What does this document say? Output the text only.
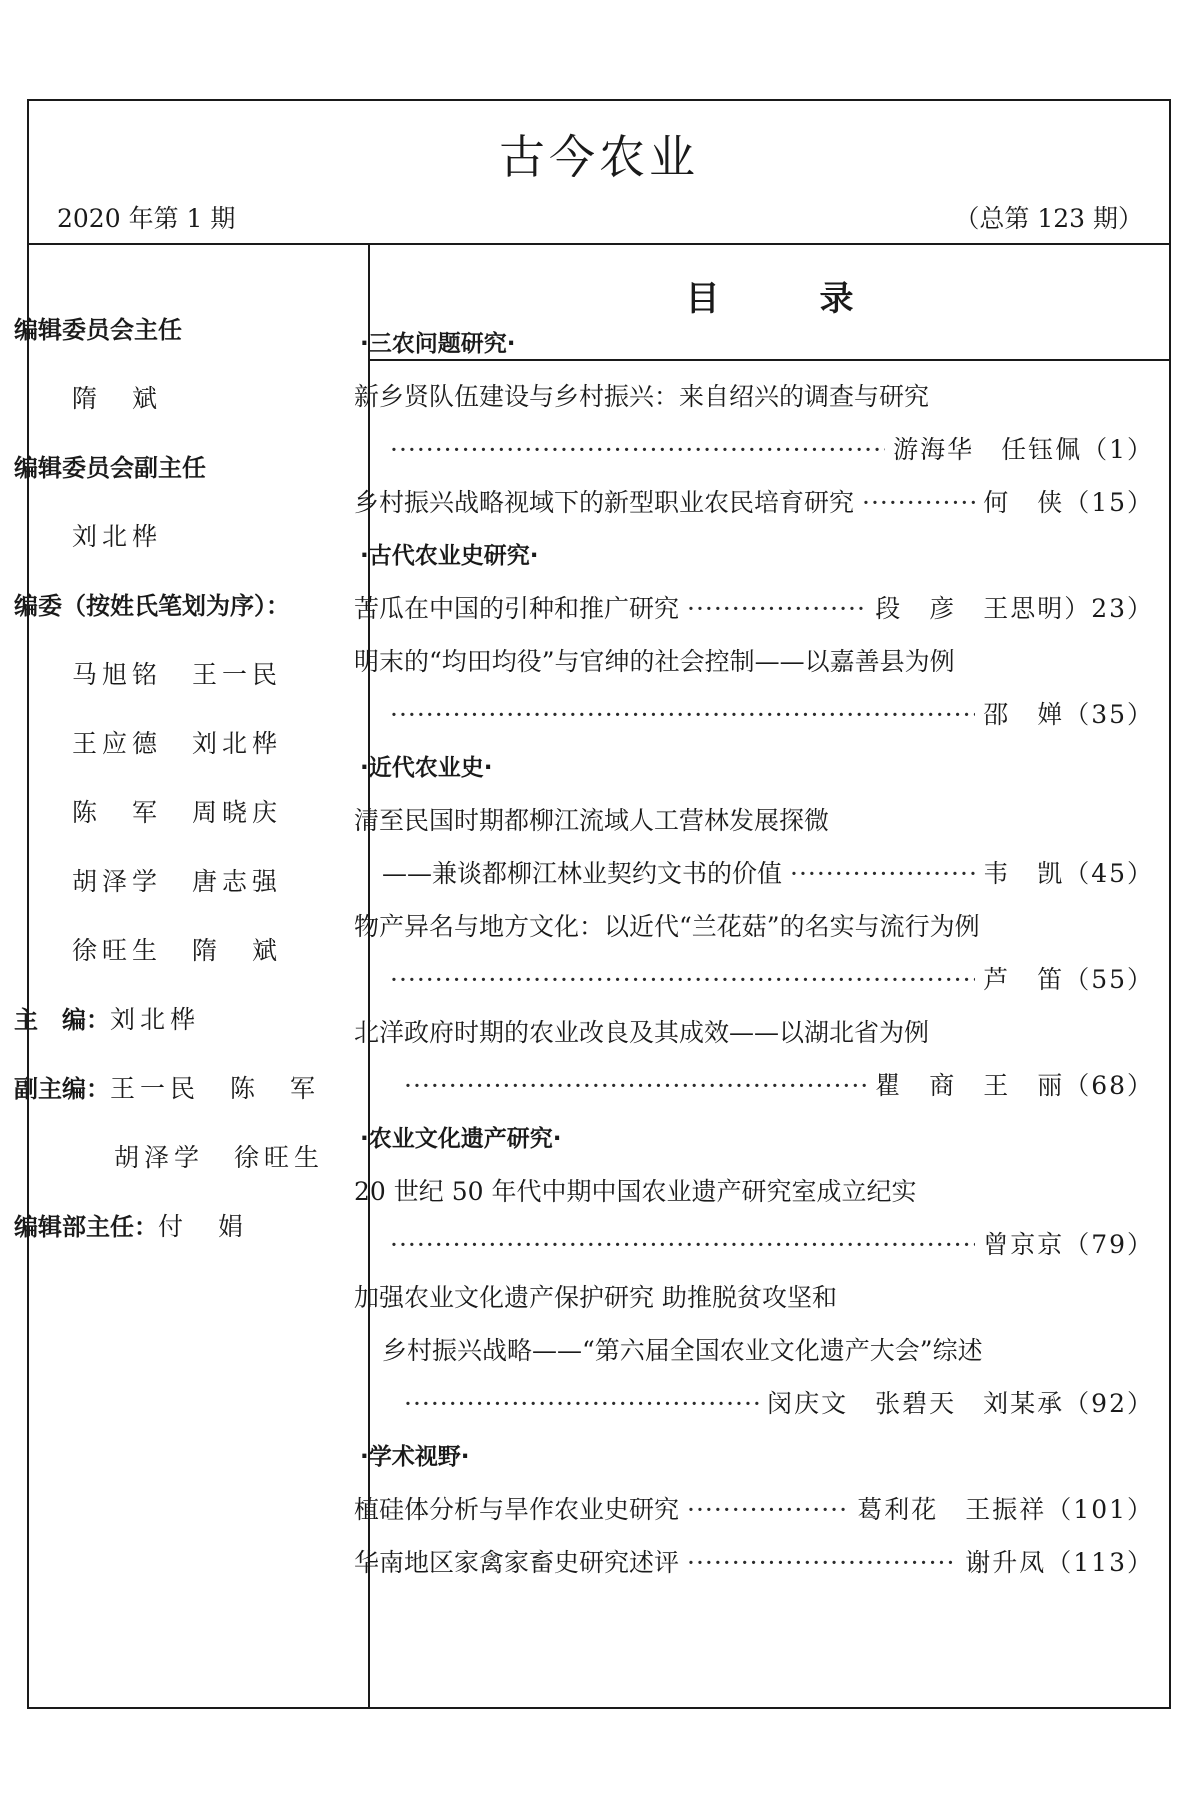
古今农业
2020 年第 1 期	（总第 123 期）
目录
编辑委员会主任
隋　斌
编辑委员会副主任
刘北桦
编委（按姓氏笔划为序）：
马旭铭 王一民
王应德 刘北桦
陈　军 周晓庆
胡泽学 唐志强
徐旺生 隋　斌
主　编：刘北桦
副主编：王一民　陈　军
胡泽学　徐旺生
编辑部主任：付　娟
·三农问题研究·
新乡贤队伍建设与乡村振兴：来自绍兴的调查与研究
·····
游海华　任钰佩（1）
乡村振兴战略视域下的新型职业农民培育研究 ·····	何　侠（15）
·古代农业史研究·
苦瓜在中国的引种和推广研究 ·····	段　彦　王思明）23）
明末的“均田均役”与官绅的社会控制——以嘉善县为例
·····
邵　婵（35）
·近代农业史·
清至民国时期都柳江流域人工营林发展探微
——兼谈都柳江林业契约文书的价值 ·····	韦　凯（45）
物产异名与地方文化：以近代“兰花菇”的名实与流行为例
·····
芦　笛（55）
北洋政府时期的农业改良及其成效——以湖北省为例
·····
瞿　商　王　丽（68）
·农业文化遗产研究·
20 世纪 50 年代中期中国农业遗产研究室成立纪实
·····
曾京京（79）
加强农业文化遗产保护研究 助推脱贫攻坚和
乡村振兴战略——“第六届全国农业文化遗产大会”综述
·····
闵庆文　张碧天　刘某承（92）
·学术视野·
植硅体分析与旱作农业史研究 ·····	葛利花　王振祥（101）
华南地区家禽家畜史研究述评 ·····	谢升凤（113）
